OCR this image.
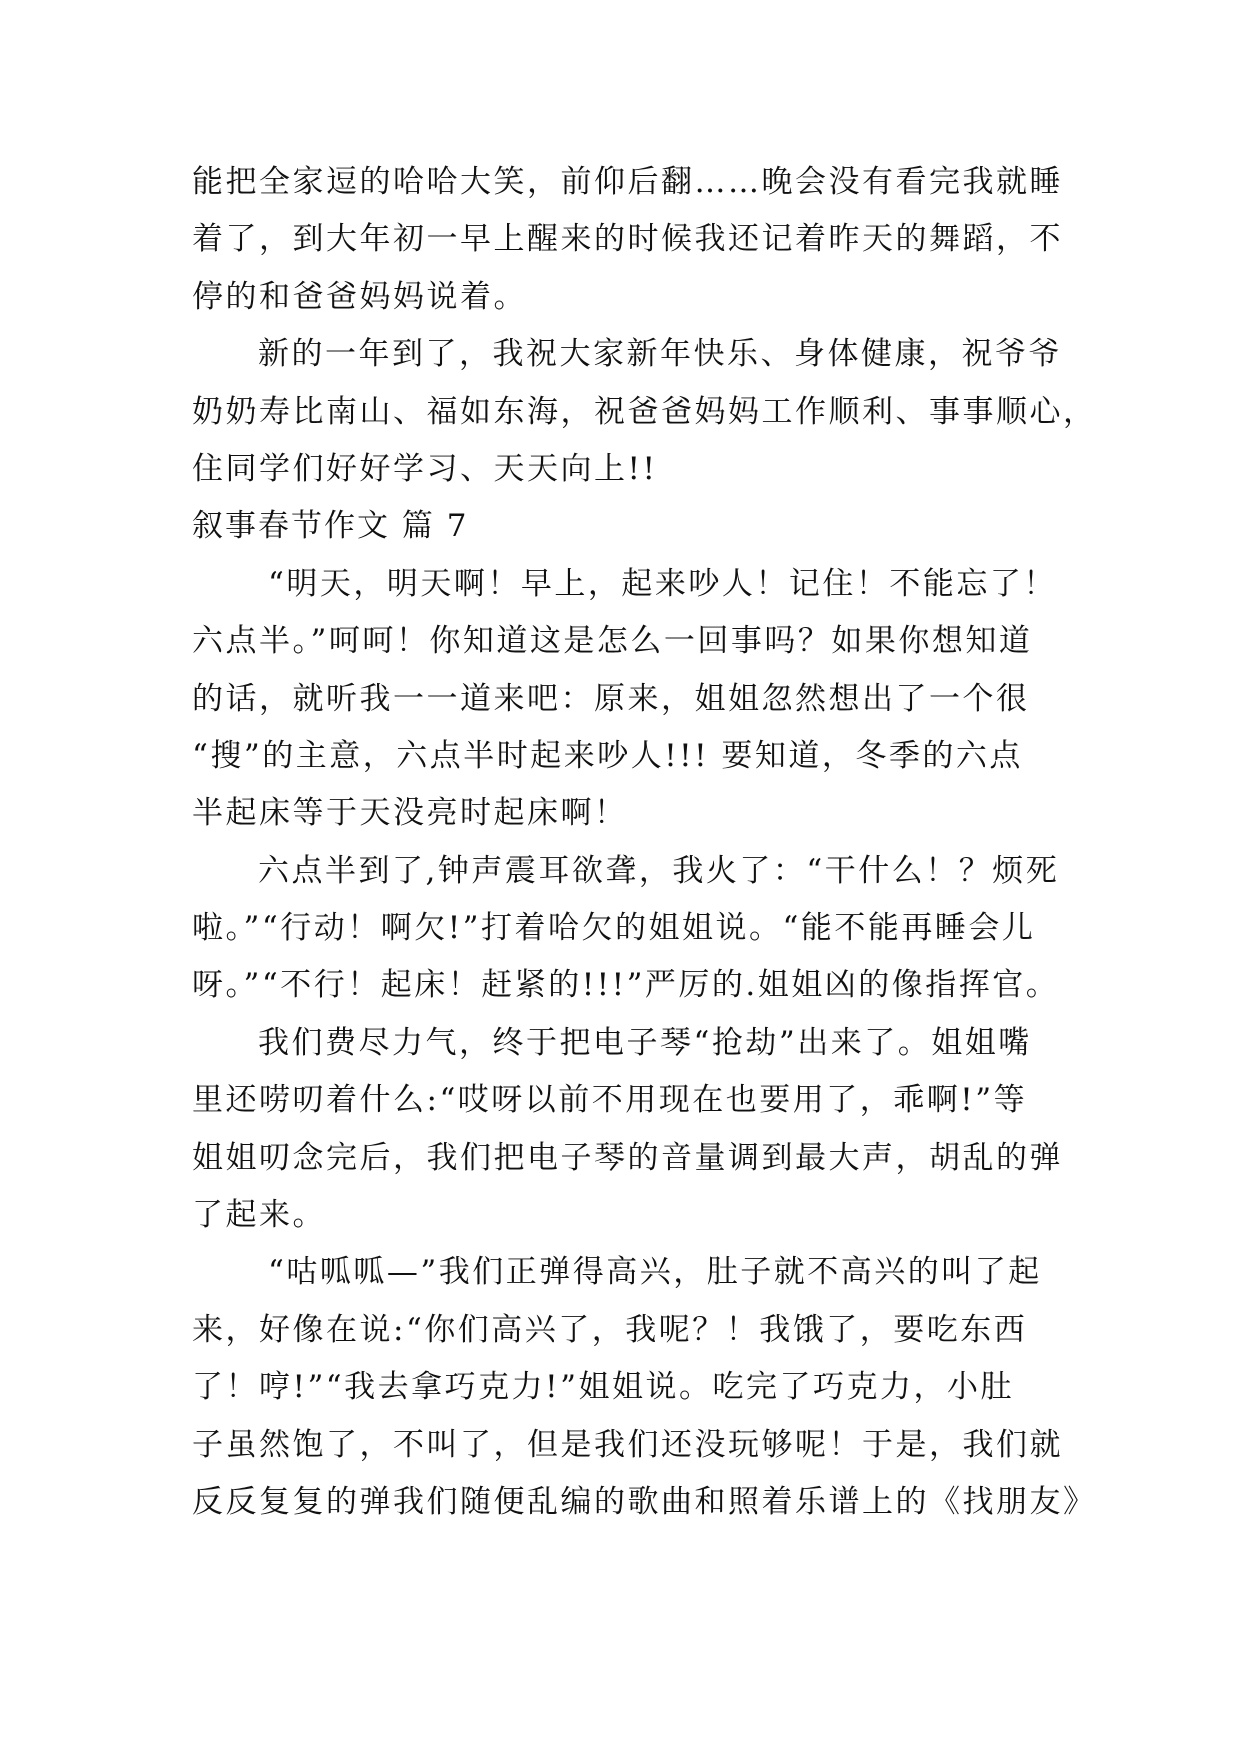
能把全家逗的哈哈大笑，前仰后翻……晚会没有看完我就睡
着了，到大年初一早上醒来的时候我还记着昨天的舞蹈，不
停的和爸爸妈妈说着。
新的一年到了，我祝大家新年快乐、身体健康，祝爷爷
奶奶寿比南山、福如东海，祝爸爸妈妈工作顺利、事事顺心，
住同学们好好学习、天天向上!!
叙事春节作文 篇 7
“明天，明天啊！早上，起来吵人！记住！不能忘了！
六点半。”呵呵！你知道这是怎么一回事吗？如果你想知道
的话，就听我一一道来吧：原来，姐姐忽然想出了一个很
“搜”的主意，六点半时起来吵人!!! 要知道，冬季的六点
半起床等于天没亮时起床啊！
六点半到了,钟声震耳欲聋，我火了：“干什么！？烦死
啦。”“行动！啊欠!”打着哈欠的姐姐说。“能不能再睡会儿
呀。”“不行！起床！赶紧的!!!”严厉的.姐姐凶的像指挥官。
我们费尽力气，终于把电子琴“抢劫”出来了。姐姐嘴
里还唠叨着什么:“哎呀以前不用现在也要用了，乖啊!”等
姐姐叨念完后，我们把电子琴的音量调到最大声，胡乱的弹
了起来。
“咕呱呱—”我们正弹得高兴，肚子就不高兴的叫了起
来，好像在说:“你们高兴了，我呢？！我饿了，要吃东西
了！哼!”“我去拿巧克力!”姐姐说。吃完了巧克力，小肚
子虽然饱了，不叫了，但是我们还没玩够呢！于是，我们就
反反复复的弹我们随便乱编的歌曲和照着乐谱上的《找朋友》
